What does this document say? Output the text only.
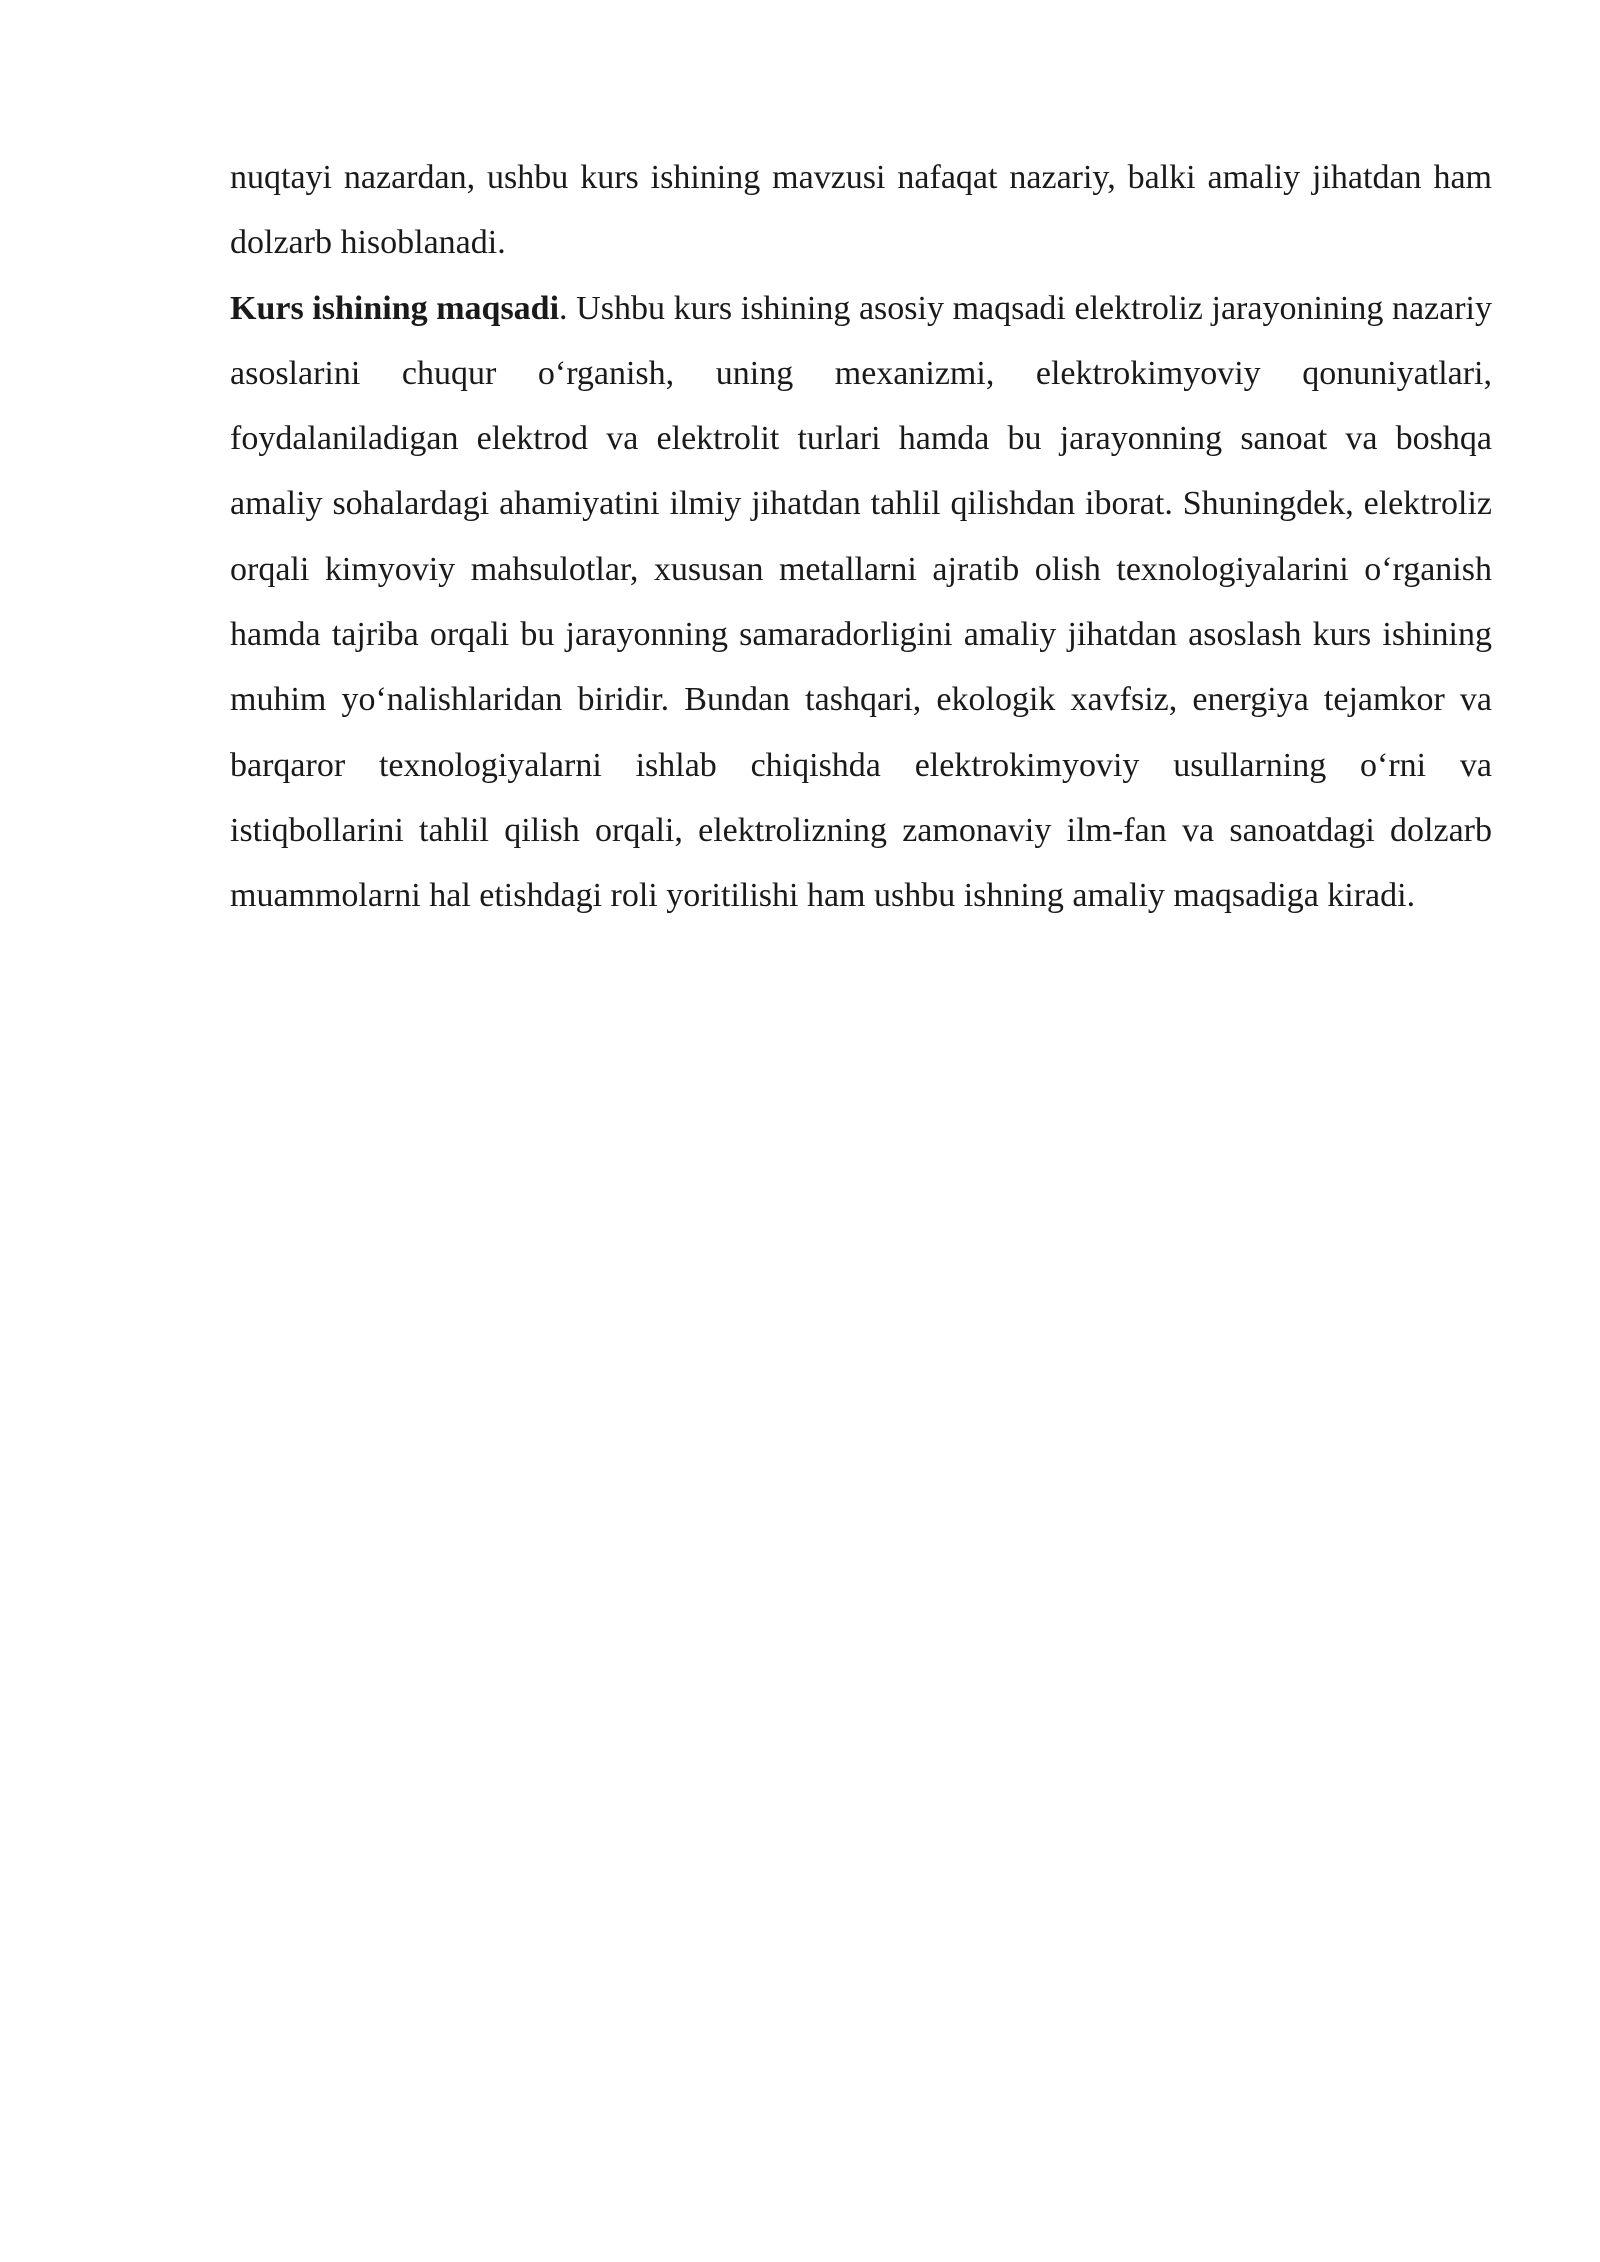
nuqtayi nazardan, ushbu kurs ishining mavzusi nafaqat nazariy, balki amaliy jihatdan ham dolzarb hisoblanadi.

Kurs ishining maqsadi. Ushbu kurs ishining asosiy maqsadi elektroliz jarayonining nazariy asoslarini chuqur o‘rganish, uning mexanizmi, elektrokimyoviy qonuniyatlari, foydalaniladigan elektrod va elektrolit turlari hamda bu jarayonning sanoat va boshqa amaliy sohalardagi ahamiyatini ilmiy jihatdan tahlil qilishdan iborat. Shuningdek, elektroliz orqali kimyoviy mahsulotlar, xususan metallarni ajratib olish texnologiyalarini o‘rganish hamda tajriba orqali bu jarayonning samaradorligini amaliy jihatdan asoslash kurs ishining muhim yo‘nalishlaridan biridir. Bundan tashqari, ekologik xavfsiz, energiya tejamkor va barqaror texnologiyalarni ishlab chiqishda elektrokimyoviy usullarning o‘rni va istiqbollarini tahlil qilish orqali, elektrolizning zamonaviy ilm-fan va sanoatdagi dolzarb muammolarni hal etishdagi roli yoritilishi ham ushbu ishning amaliy maqsadiga kiradi.
